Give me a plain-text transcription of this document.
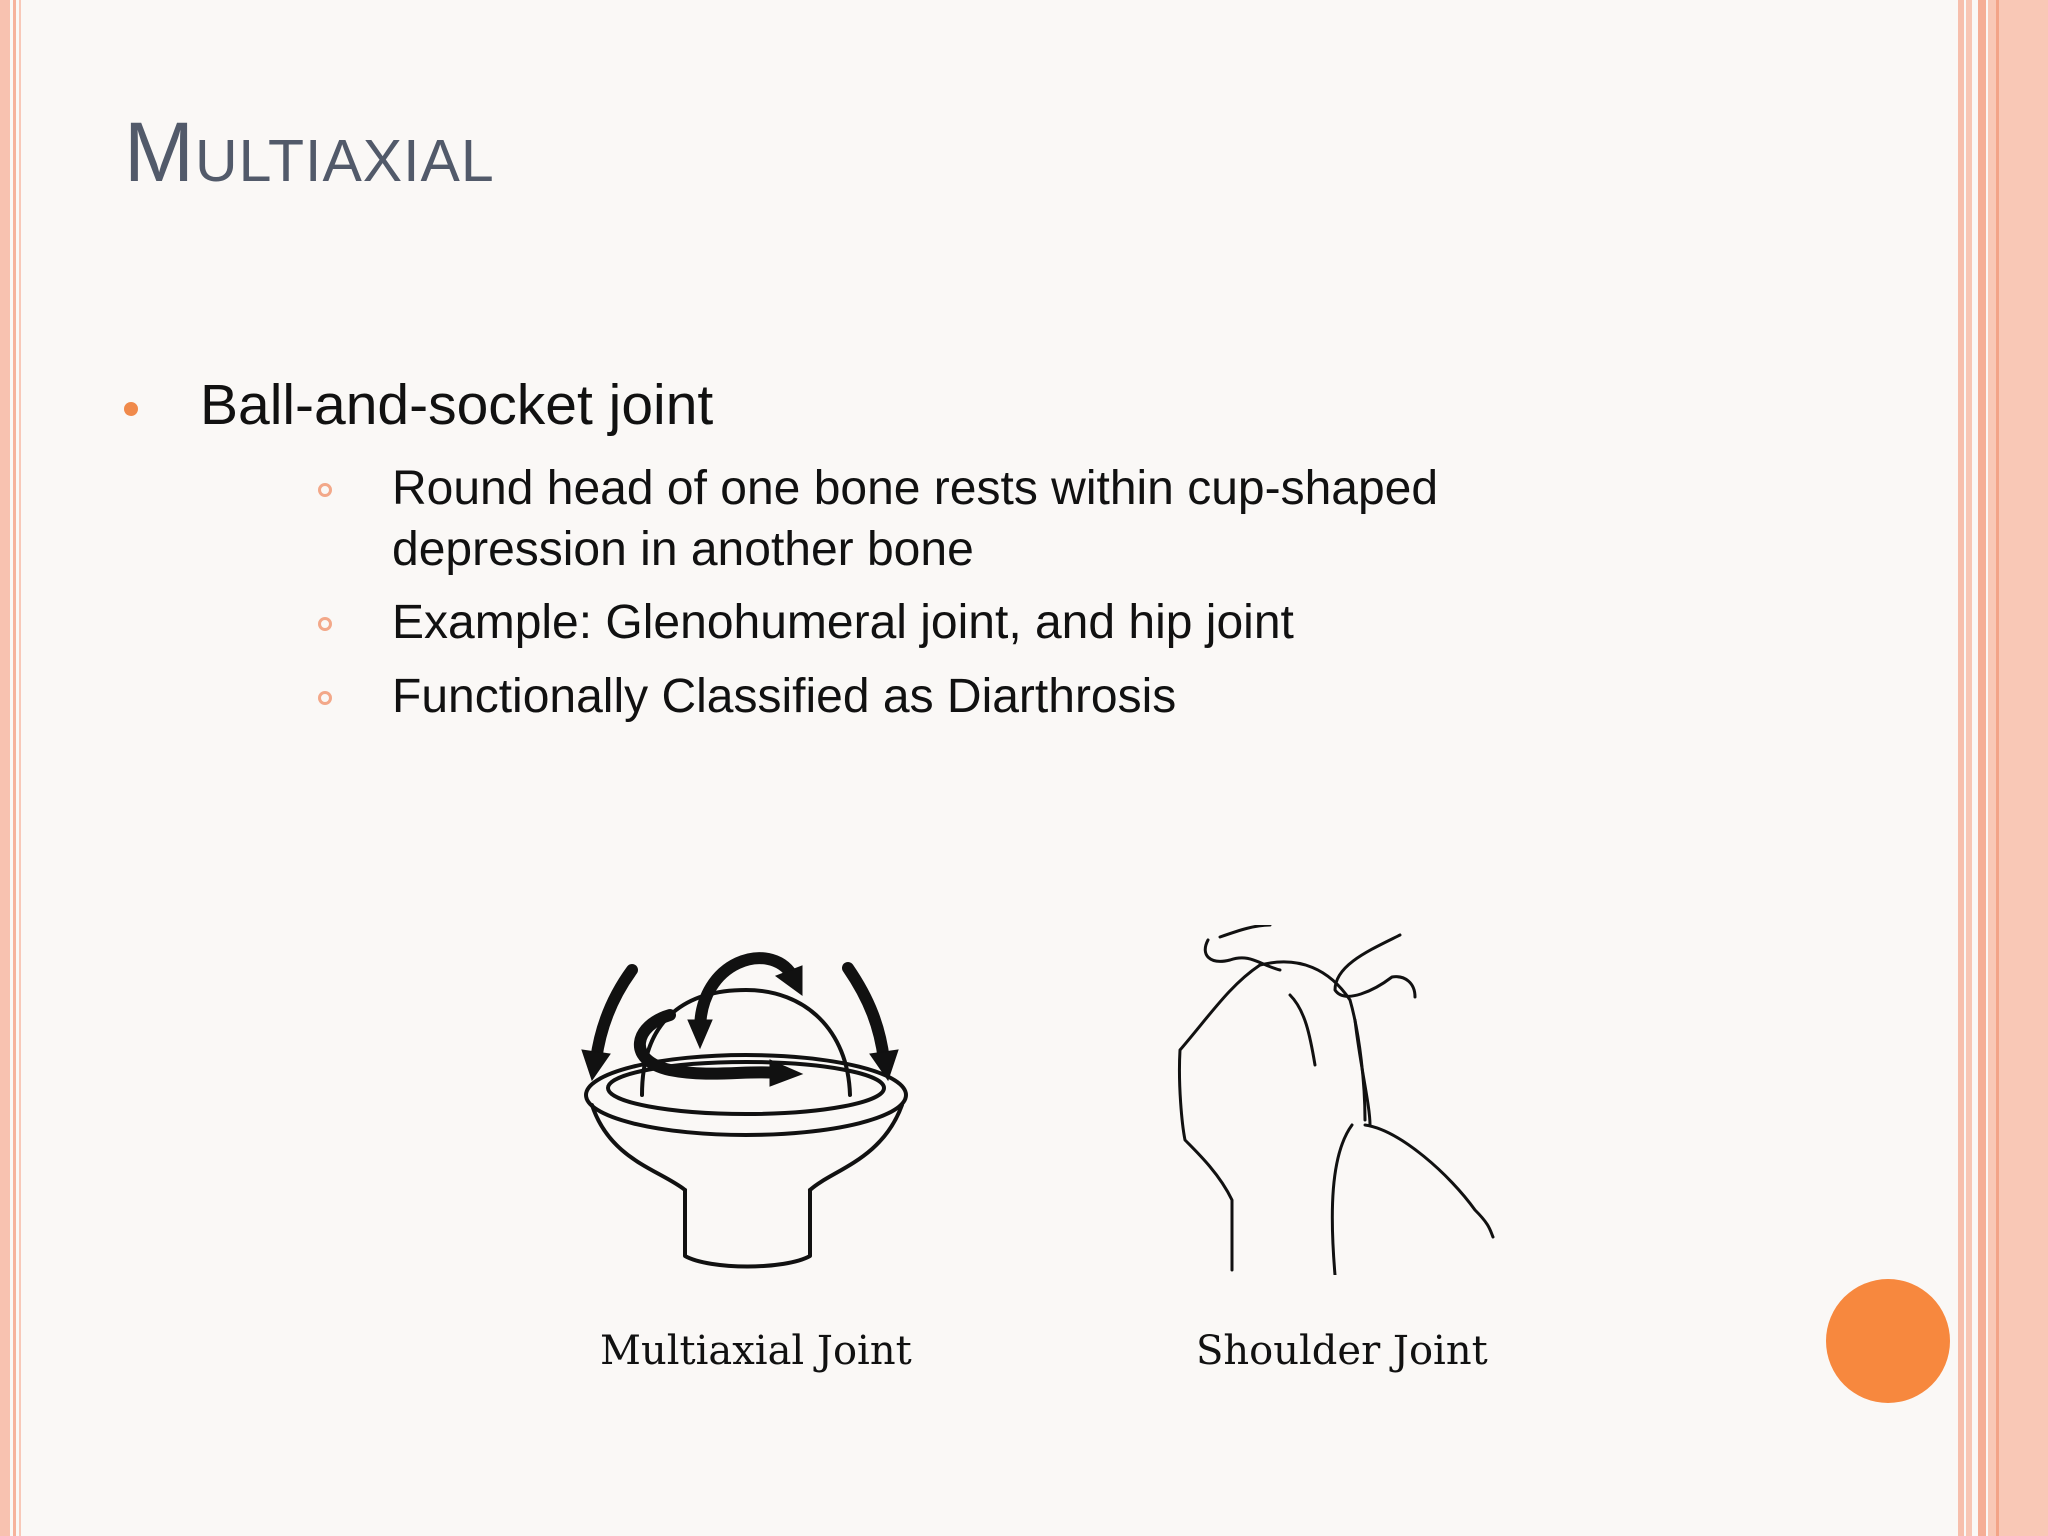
Multiaxial
Ball-and-socket joint
Round head of one bone rests within cup-shaped depression in another bone
Example: Glenohumeral joint, and hip joint
Functionally Classified as Diarthrosis
Multiaxial Joint	Shoulder Joint
